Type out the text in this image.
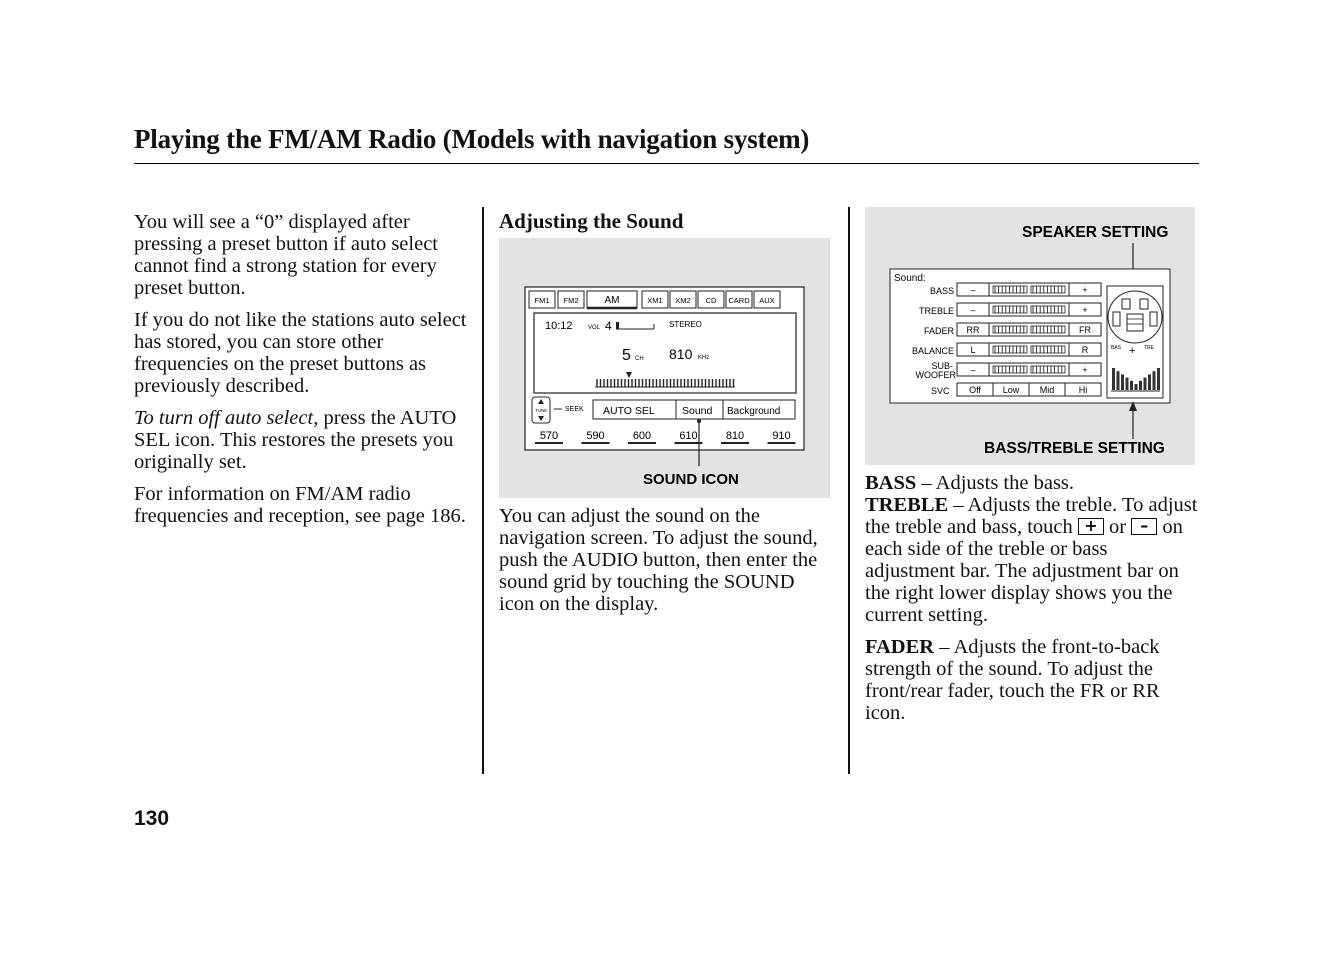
Playing the FM/AM Radio (Models with navigation system)

You will see a “0” displayed after pressing a preset button if auto select cannot find a strong station for every preset button.

If you do not like the stations auto select has stored, you can store other frequencies on the preset buttons as previously described.

To turn off auto select, press the AUTO SEL icon. This restores the presets you originally set.

For information on FM/AM radio frequencies and reception, see page 186.

Adjusting the Sound
FM1 FM2	AM	XM1 XM2 CD CARD AUX
10:12	VOL 4	STEREO
5 CH 810 KHz
TUNE	SEEK AUTO SEL	Sound Background
570	590	600	610	810	910
SOUND ICON
You can adjust the sound on the navigation screen. To adjust the sound, push the AUDIO button, then enter the sound grid by touching the SOUND icon on the display.
SPEAKER SETTING
Sound:
BASS –	+
TREBLE –	+
FADER RR	FR
BALANCE L	R
SUB-
WOOFER –	+
SVC Off Low Mid	Hi
BAS	TRE
+
BASS/TREBLE SETTING

BASS – Adjusts the bass.

TREBLE – Adjusts the treble. To adjust the treble and bass, touch + or – on each side of the treble or bass adjustment bar. The adjustment bar on the right lower display shows you the current setting.

FADER – Adjusts the front-to-back strength of the sound. To adjust the front/rear fader, touch the FR or RR icon.

130
